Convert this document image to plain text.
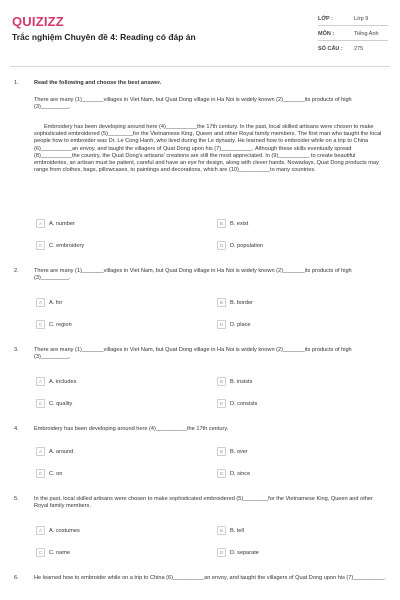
QUIZIZZ
Trắc nghiệm Chuyên đề 4: Reading có đáp án
LỚP :	Lớp 9
MÔN :	Tiếng Anh
SỐ CÂU : 275
1.	Read the following and choose the best answer.
There are many (1)_______villages in Viet Nam, but Quat Dong village in Ha Noi is widely known (2)_______its products of high (3)_________.
Embroidery has been developing around here (4)__________the 17th century. In the past, local skilled artisans were chosen to make sophisticated embroidered (5)________for the Vietnamese King, Queen and other Royal family members. The first man who taught the local people how to embroider was Dr. Le Cong Hanh, who lived during the Le dynasty. He learned how to embroider while on a trip to China (6)__________an envoy, and taught the villagers of Quat Dong upon his (7)__________. Although these skills eventually spread (8)__________the country, the Quat Dong's artisans' creations are still the most appreciated. In (9)__________ to create beautiful embroideries, an artisan must be patient, careful and have an eye for design, along with clever hands. Nowadays, Quat Dong products may range from clothes, bags, pillowcases, to paintings and decorations, which are (10)__________to many countries.
A	A. number	B	B. exist
C	C. embroidery	D	D. population
2.	There are many (1)_______villages in Viet Nam, but Quat Dong village in Ha Noi is widely known (2)_______its products of high (3)_________.
A	A. for	B	B. border
C	C. region	D	D. place
3.	There are many (1)_______villages in Viet Nam, but Quat Dong village in Ha Noi is widely known (2)_______its products of high (3)_________.
A	A. includes	B	B. insists
C	C. quality	D	D. consists
4.	Embroidery has been developing around here (4)__________the 17th century.
A	A. around	B	B. over
C	C. on	D	D. since
5.	In the past, local skilled artisans were chosen to make sophisticated embroidered (5)________for the Vietnamese King, Queen and other Royal family members.
A	A. costumes	B	B. tell
C	C. name	D	D. separate
6.	He learned how to embroider while on a trip to China (6)__________an envoy, and taught the villagers of Quat Dong upon his (7)__________.
